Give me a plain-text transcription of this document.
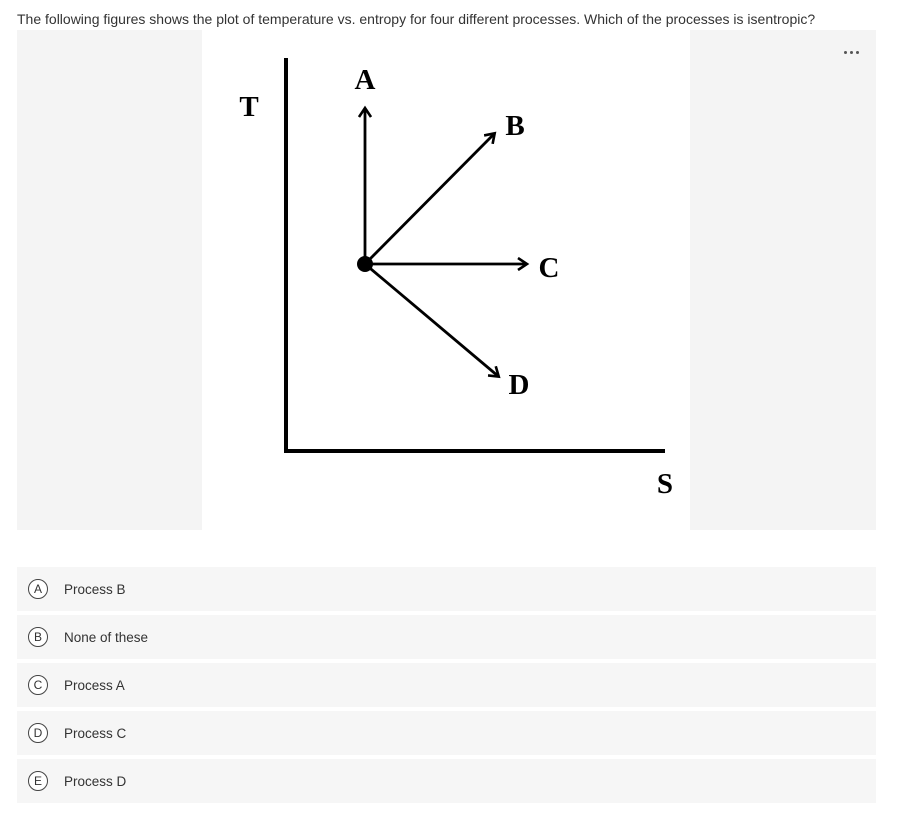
The following figures shows the plot of temperature vs. entropy for four different processes. Which of the processes is isentropic?
T
S
A
B
C
D
A	Process B
B	None of these
C	Process A
D	Process C
E	Process D
